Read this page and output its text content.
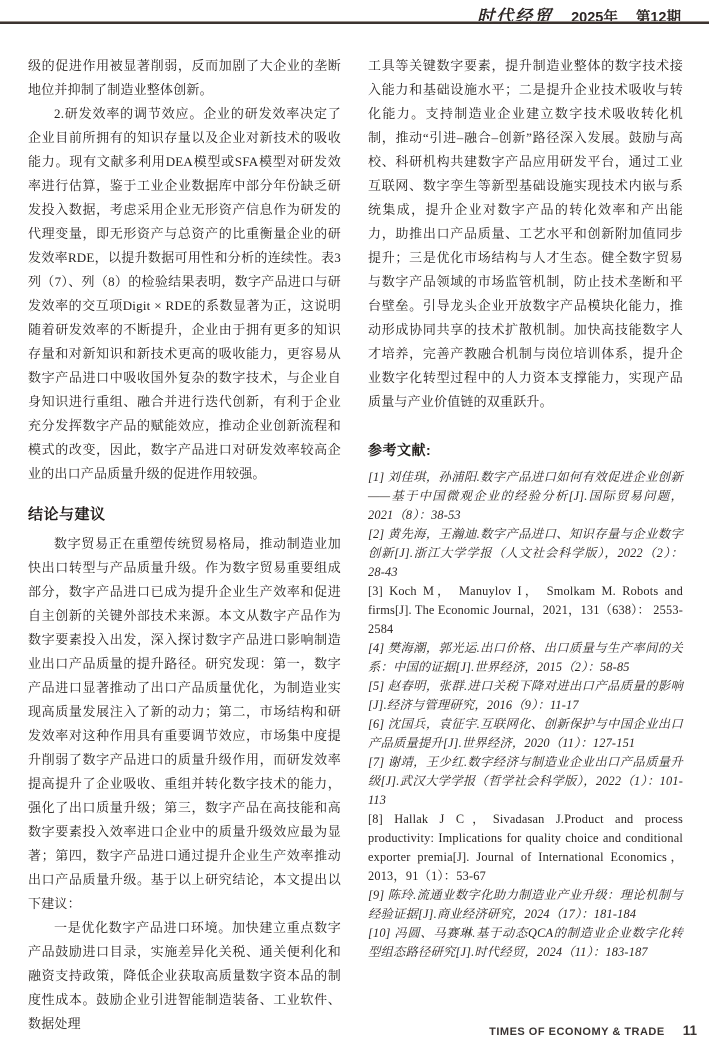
时代经贸 2025年 第12期

级的促进作用被显著削弱，反而加剧了大企业的垄断地位并抑制了制造业整体创新。

2.研发效率的调节效应。企业的研发效率决定了企业目前所拥有的知识存量以及企业对新技术的吸收能力。现有文献多利用DEA模型或SFA模型对研发效率进行估算，鉴于工业企业数据库中部分年份缺乏研发投入数据，考虑采用企业无形资产信息作为研发的代理变量，即无形资产与总资产的比重衡量企业的研发效率RDE，以提升数据可用性和分析的连续性。表3列（7）、列（8）的检验结果表明，数字产品进口与研发效率的交互项Digit × RDE的系数显著为正，这说明随着研发效率的不断提升，企业由于拥有更多的知识存量和对新知识和新技术更高的吸收能力，更容易从数字产品进口中吸收国外复杂的数字技术，与企业自身知识进行重组、融合并进行迭代创新，有利于企业充分发挥数字产品的赋能效应，推动企业创新流程和模式的改变，因此，数字产品进口对研发效率较高企业的出口产品质量升级的促进作用较强。

结论与建议

数字贸易正在重塑传统贸易格局，推动制造业加快出口转型与产品质量升级。作为数字贸易重要组成部分，数字产品进口已成为提升企业生产效率和促进自主创新的关键外部技术来源。本文从数字产品作为数字要素投入出发，深入探讨数字产品进口影响制造业出口产品质量的提升路径。研究发现：第一，数字产品进口显著推动了出口产品质量优化，为制造业实现高质量发展注入了新的动力；第二，市场结构和研发效率对这种作用具有重要调节效应，市场集中度提升削弱了数字产品进口的质量升级作用，而研发效率提高提升了企业吸收、重组并转化数字技术的能力，强化了出口质量升级；第三，数字产品在高技能和高数字要素投入效率进口企业中的质量升级效应最为显著；第四，数字产品进口通过提升企业生产效率推动出口产品质量升级。基于以上研究结论，本文提出以下建议：

一是优化数字产品进口环境。加快建立重点数字产品鼓励进口目录，实施差异化关税、通关便利化和融资支持政策，降低企业获取高质量数字资本品的制度性成本。鼓励企业引进智能制造装备、工业软件、数据处理

工具等关键数字要素，提升制造业整体的数字技术接入能力和基础设施水平；二是提升企业技术吸收与转化能力。支持制造业企业建立数字技术吸收转化机制，推动“引进–融合–创新”路径深入发展。鼓励与高校、科研机构共建数字产品应用研发平台，通过工业互联网、数字孪生等新型基础设施实现技术内嵌与系统集成，提升企业对数字产品的转化效率和产出能力，助推出口产品质量、工艺水平和创新附加值同步提升；三是优化市场结构与人才生态。健全数字贸易与数字产品领域的市场监管机制，防止技术垄断和平台壁垒。引导龙头企业开放数字产品模块化能力，推动形成协同共享的技术扩散机制。加快高技能数字人才培养，完善产教融合机制与岗位培训体系，提升企业数字化转型过程中的人力资本支撑能力，实现产品质量与产业价值链的双重跃升。

参考文献:
[1] 刘佳琪，孙浦阳.数字产品进口如何有效促进企业创新——基于中国微观企业的经验分析[J].国际贸易问题，2021（8）：38-53
[2] 黄先海，王瀚迪.数字产品进口、知识存量与企业数字创新[J].浙江大学学报（人文社会科学版），2022（2）：28-43
[3] Koch M， Manuylov I， Smolkam M. Robots and firms[J]. The Economic Journal，2021，131（638）： 2553-2584
[4] 樊海潮，郭光运.出口价格、出口质量与生产率间的关系：中国的证据[J].世界经济，2015（2）：58-85
[5] 赵春明，张群.进口关税下降对进出口产品质量的影响[J].经济与管理研究，2016（9）：11-17
[6] 沈国兵，袁征宇.互联网化、创新保护与中国企业出口产品质量提升[J].世界经济，2020（11）：127-151
[7] 谢靖，王少红.数字经济与制造业企业出口产品质量升级[J].武汉大学学报（哲学社会科学版），2022（1）：101-113
[8] Hallak J C，Sivadasan J.Product and process productivity: Implications for quality choice and conditional exporter premia[J]. Journal of International Economics，2013，91（1）：53-67
[9] 陈玲.流通业数字化助力制造业产业升级：理论机制与经验证据[J].商业经济研究，2024（17）：181-184
[10] 冯圆、马赛琳.基于动态QCA的制造业企业数字化转型组态路径研究[J].时代经贸，2024（11）：183-187
TIMES OF ECONOMY & TRADE 11
